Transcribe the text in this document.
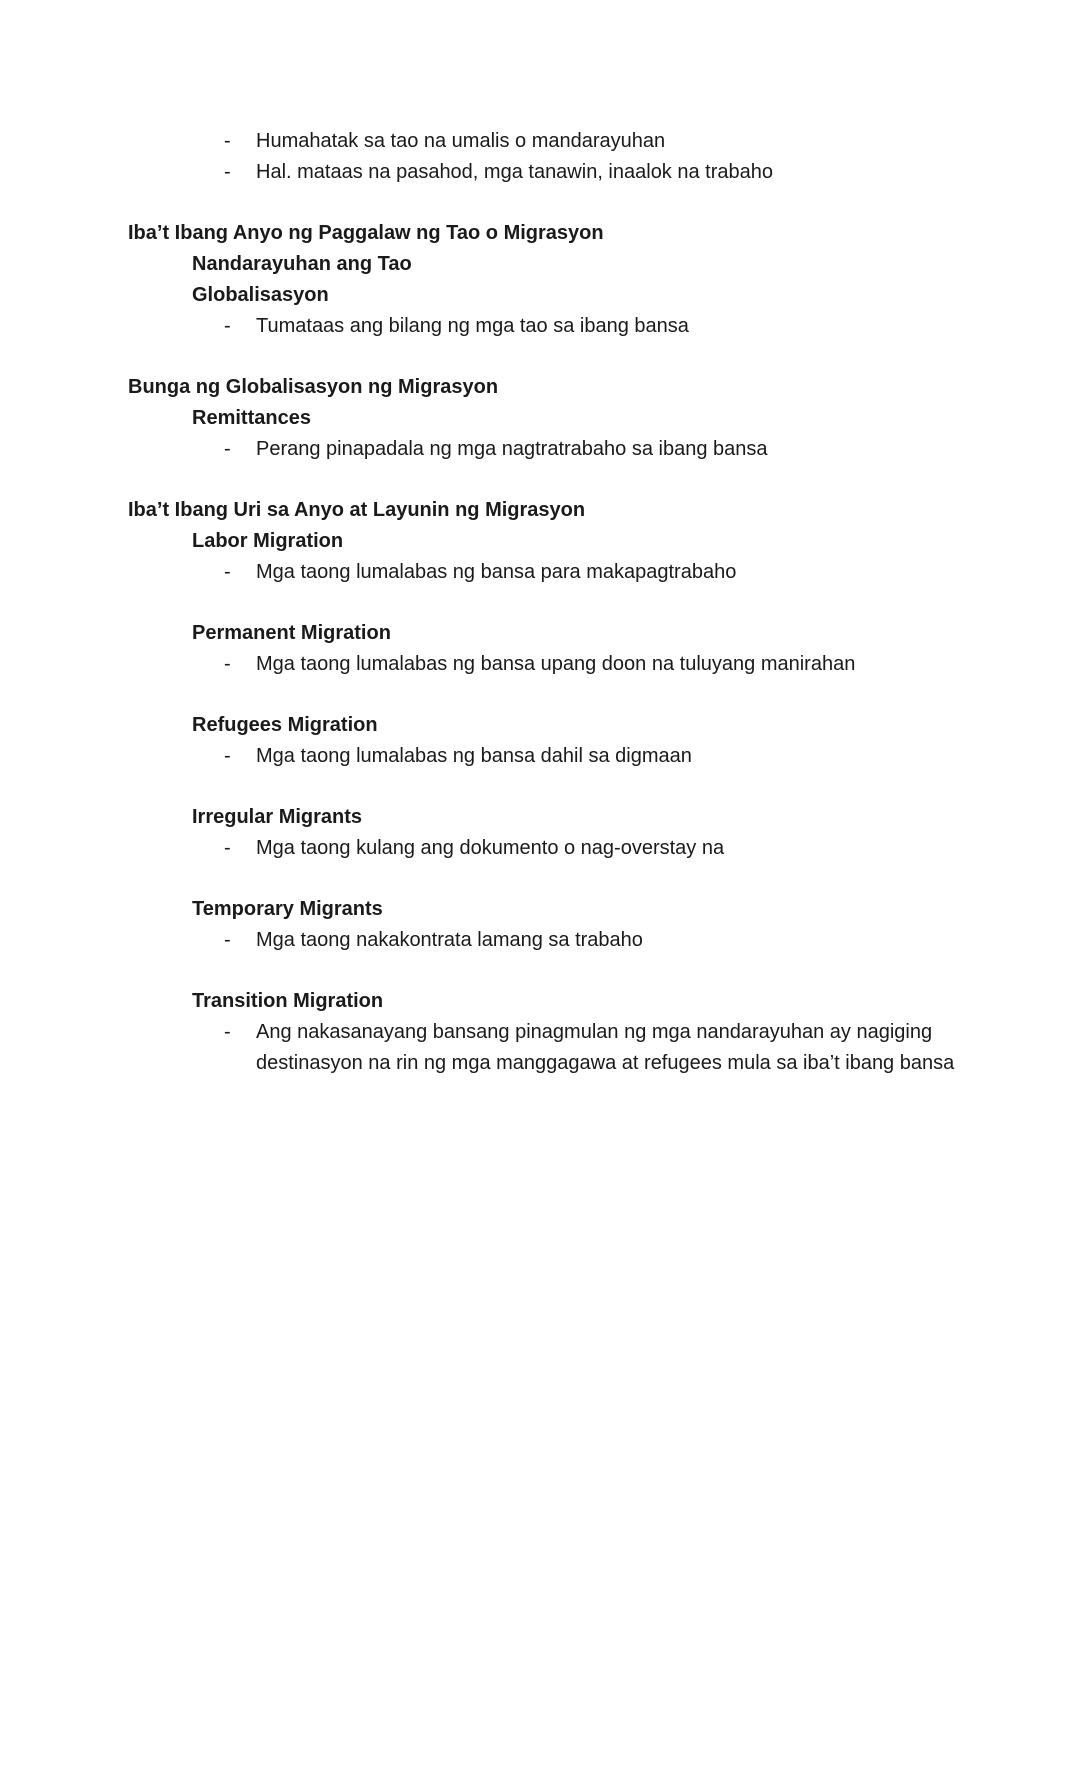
- Humahatak sa tao na umalis o mandarayuhan
- Hal. mataas na pasahod, mga tanawin, inaalok na trabaho
Iba’t Ibang Anyo ng Paggalaw ng Tao o Migrasyon
Nandarayuhan ang Tao
Globalisasyon
- Tumataas ang bilang ng mga tao sa ibang bansa
Bunga ng Globalisasyon ng Migrasyon
Remittances
- Perang pinapadala ng mga nagtratrabaho sa ibang bansa
Iba’t Ibang Uri sa Anyo at Layunin ng Migrasyon
Labor Migration
- Mga taong lumalabas ng bansa para makapagtrabaho
Permanent Migration
- Mga taong lumalabas ng bansa upang doon na tuluyang manirahan
Refugees Migration
- Mga taong lumalabas ng bansa dahil sa digmaan
Irregular Migrants
- Mga taong kulang ang dokumento o nag-overstay na
Temporary Migrants
- Mga taong nakakontrata lamang sa trabaho
Transition Migration
- Ang nakasanayang bansang pinagmulan ng mga nandarayuhan ay nagiging
destinasyon na rin ng mga manggagawa at refugees mula sa iba’t ibang bansa
